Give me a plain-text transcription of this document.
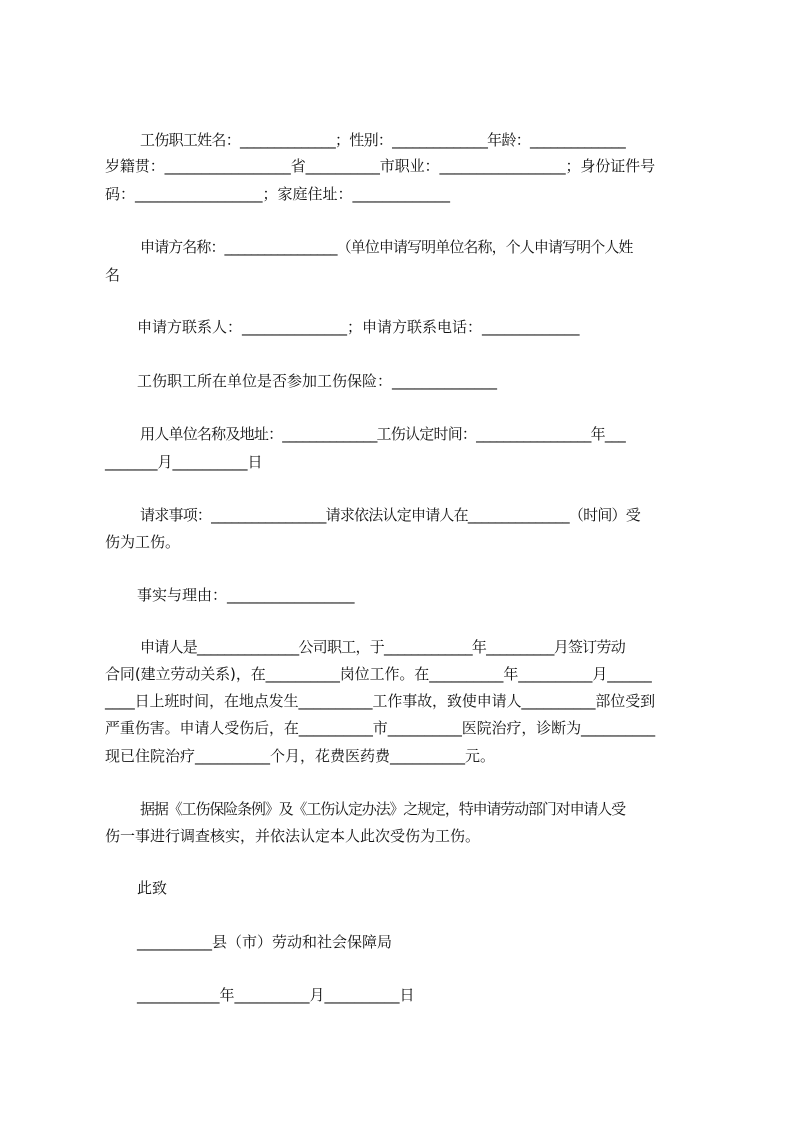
工伤职工姓名：______________；性别：______________年龄：______________
岁籍贯：_________________省__________市职业：_________________；身份证件号
码：_________________；家庭住址：_____________
申请方名称：_________________（单位申请写明单位名称，个人申请写明个人姓
名
申请方联系人：______________；申请方联系电话：_____________
工伤职工所在单位是否参加工伤保险：______________
用人单位名称及地址：______________工伤认定时间：_________________年___
_______月__________日
请求事项：_________________请求依法认定申请人在_______________（时间）受
伤为工伤。
事实与理由：_________________
申请人是_______________公司职工，于_____________年__________月签订劳动
合同(建立劳动关系)，在__________岗位工作。在__________年__________月______
____日上班时间，在地点发生__________工作事故，致使申请人__________部位受到
严重伤害。申请人受伤后，在__________市__________医院治疗，诊断为__________
现已住院治疗__________个月，花费医药费__________元。
据据《工伤保险条例》及《工伤认定办法》之规定，特申请劳动部门对申请人受
伤一事进行调查核实，并依法认定本人此次受伤为工伤。
此致
__________县（市）劳动和社会保障局
___________年__________月__________日
